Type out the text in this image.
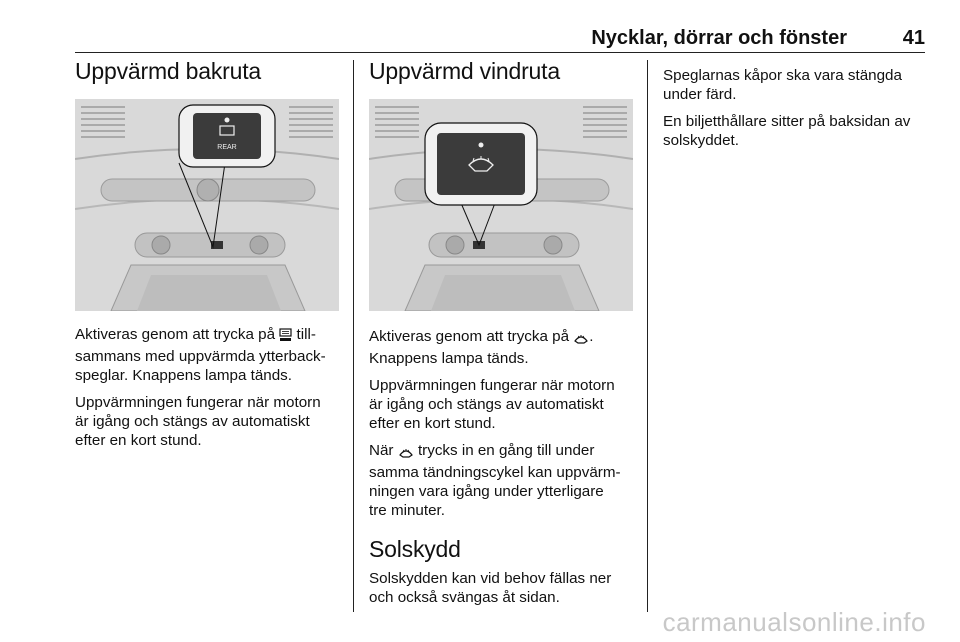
Nycklar, dörrar och fönster	41
Uppvärmd bakruta
REAR

Aktiveras genom att trycka på till-
sammans med uppvärmda ytterback-
speglar. Knappens lampa tänds.

Uppvärmningen fungerar när motorn
är igång och stängs av automatiskt
efter en kort stund.

Uppvärmd vindruta

Aktiveras genom att trycka på .
Knappens lampa tänds.

Uppvärmningen fungerar när motorn
är igång och stängs av automatiskt
efter en kort stund.

När trycks in en gång till under
samma tändningscykel kan uppvärm-
ningen vara igång under ytterligare
tre minuter.

Solskydd

Solskydden kan vid behov fällas ner
och också svängas åt sidan.

Speglarnas kåpor ska vara stängda
under färd.

En biljetthållare sitter på baksidan av
solskyddet.

carmanualsonline.info
